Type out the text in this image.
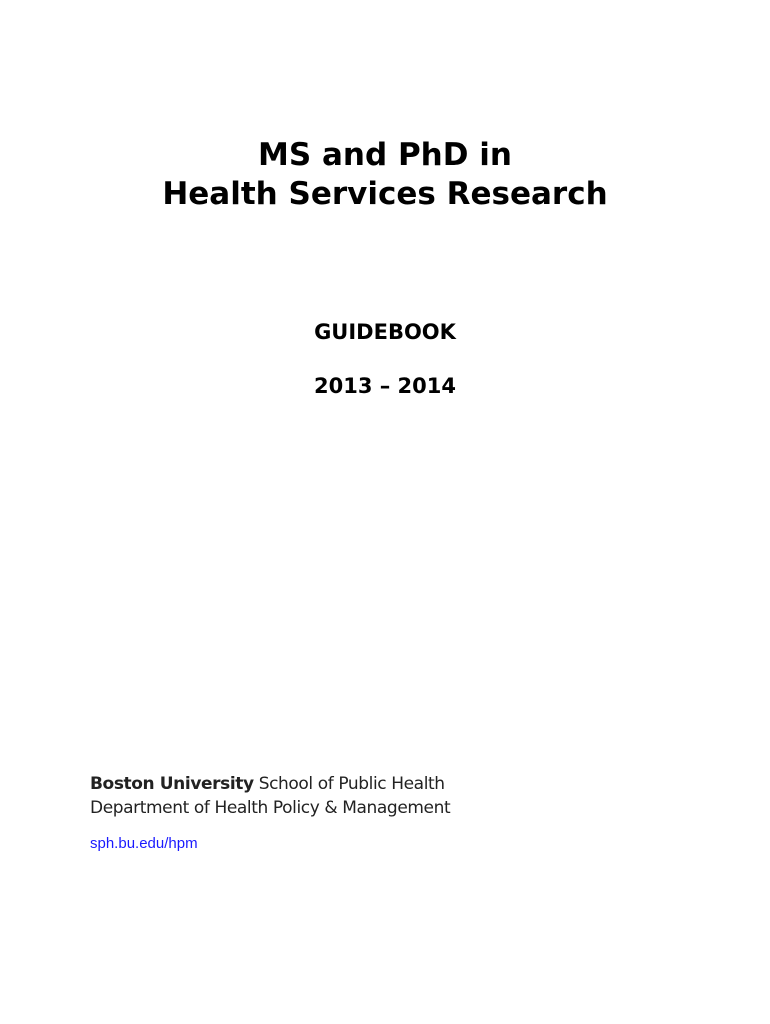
MS and PhD in
Health Services Research
GUIDEBOOK
2013 – 2014
Boston University School of Public Health
Department of Health Policy & Management
sph.bu.edu/hpm
